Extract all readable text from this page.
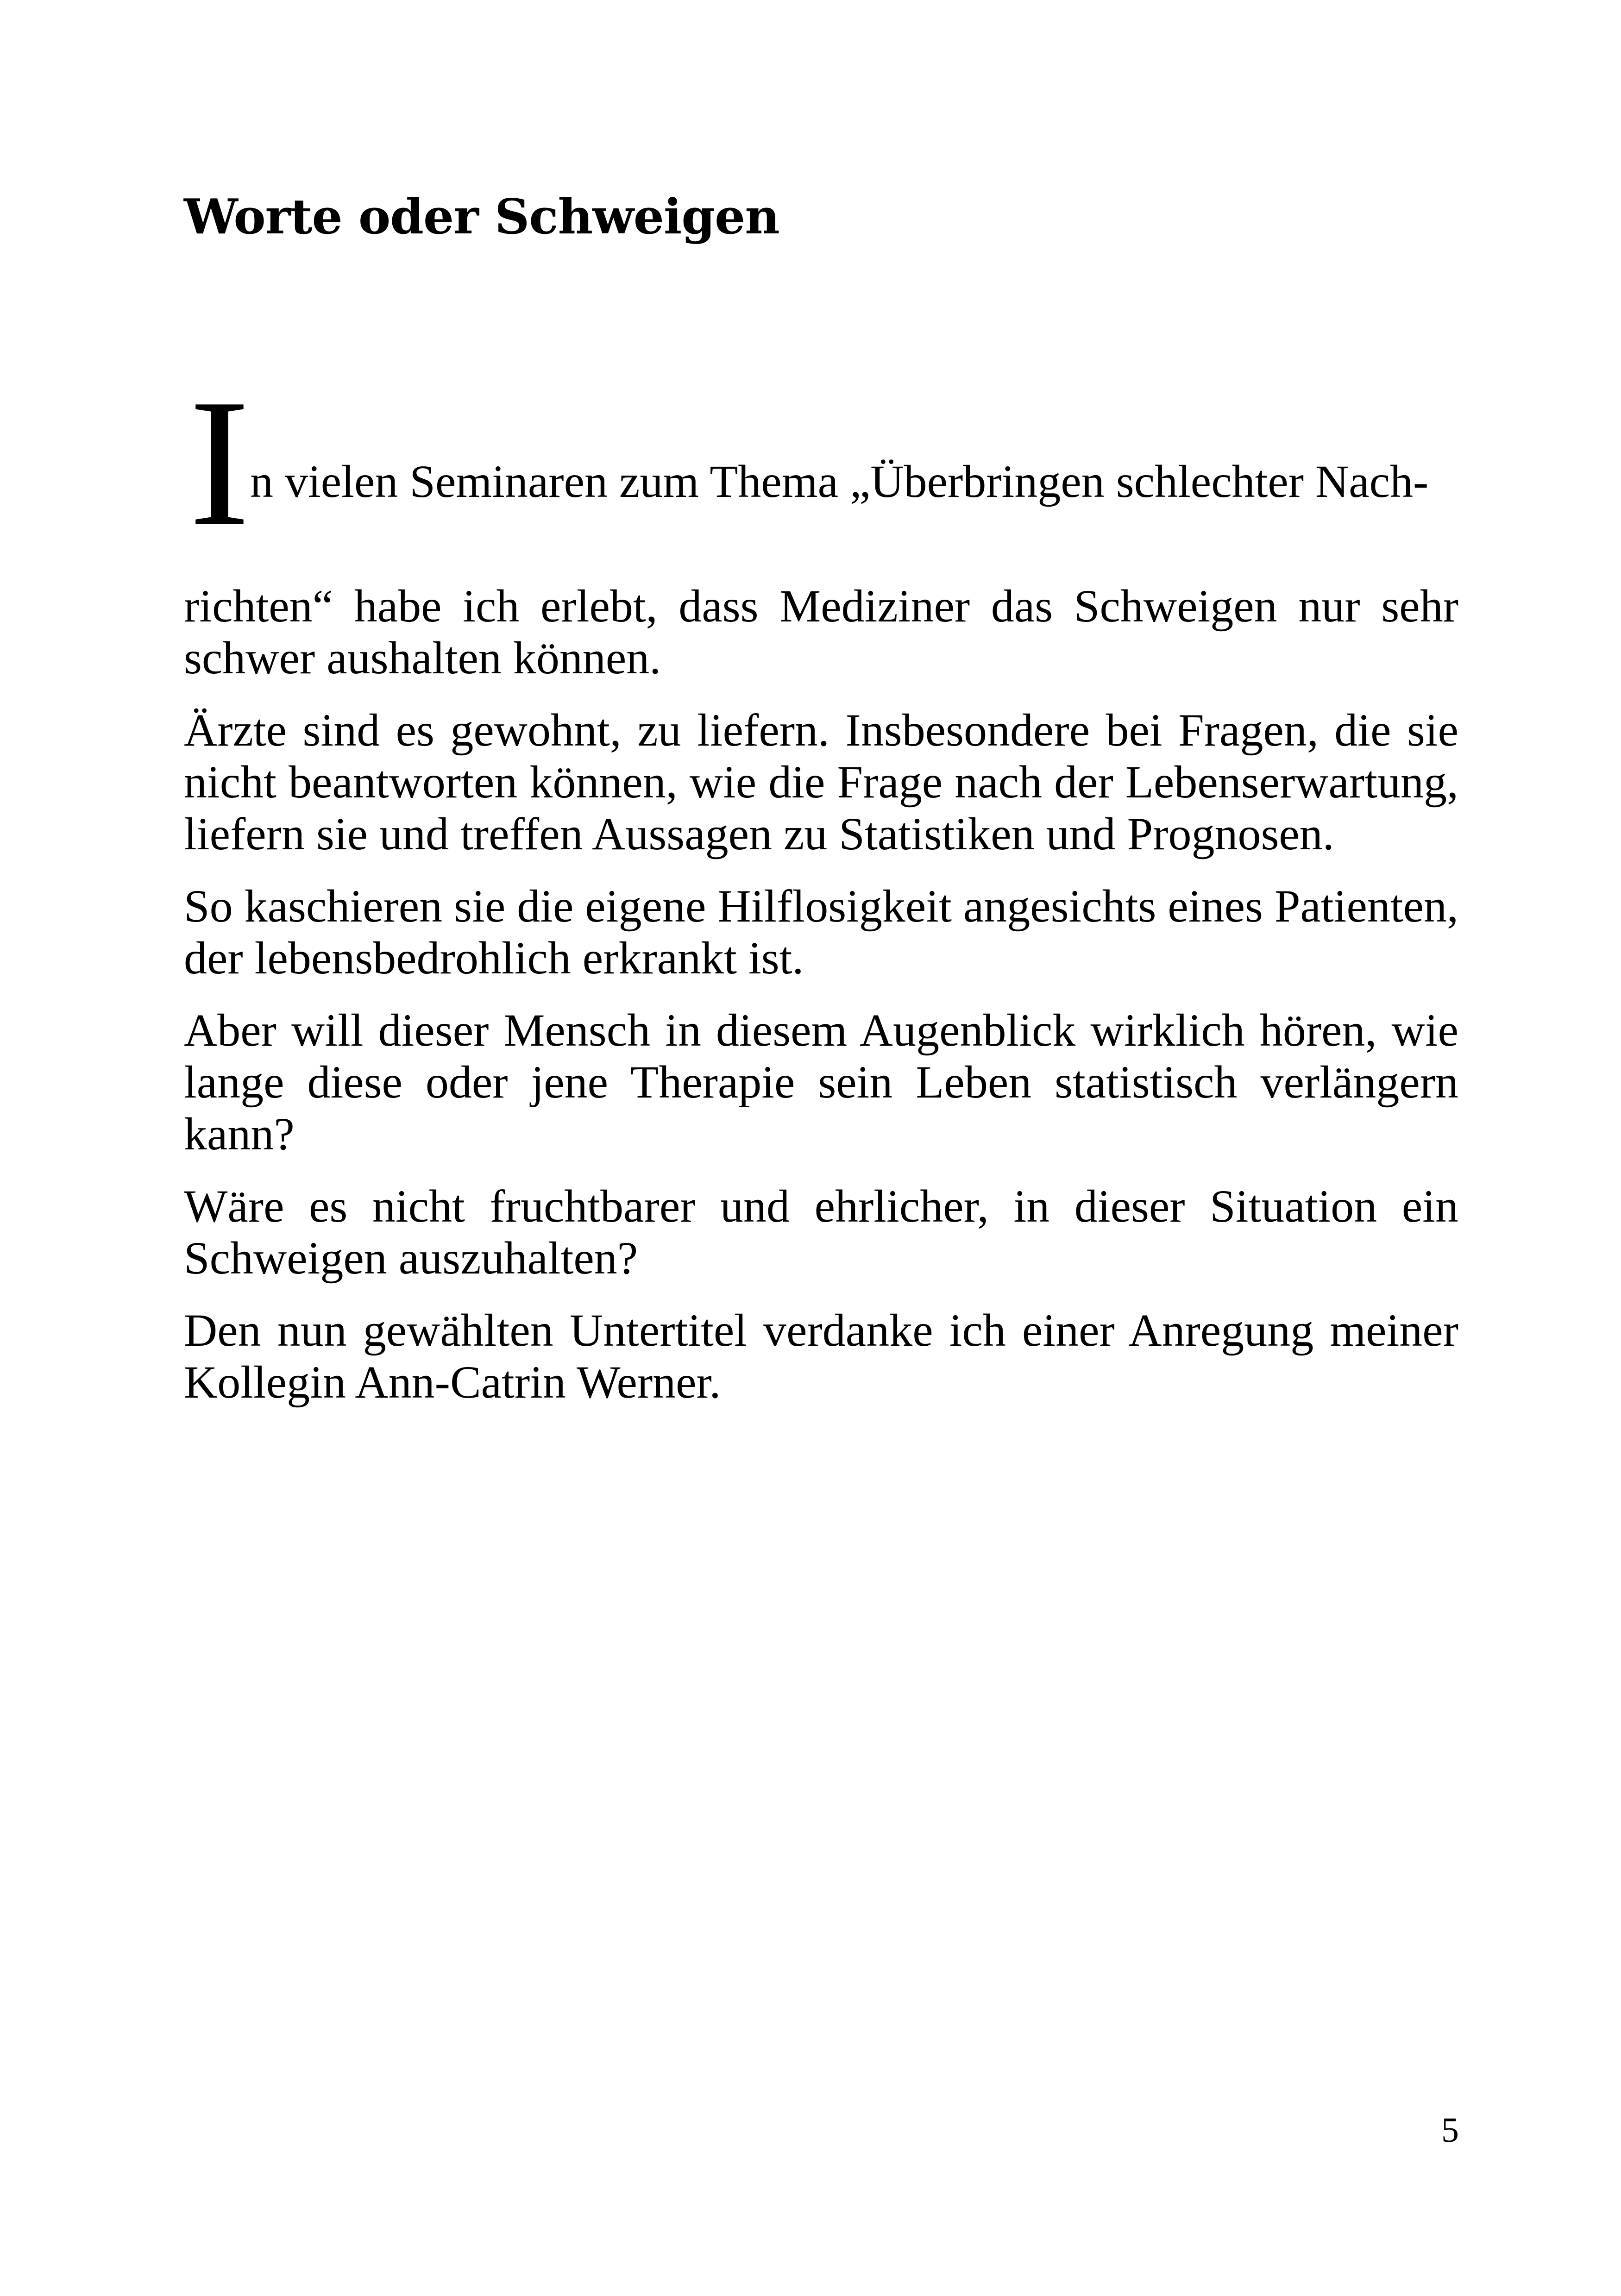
Worte oder Schweigen
I n vielen Seminaren zum Thema „Überbringen schlechter Nach-

richten“ habe ich erlebt, dass Mediziner das Schweigen nur sehr schwer aushalten können.

Ärzte sind es gewohnt, zu liefern. Insbesondere bei Fragen, die sie nicht beantworten können, wie die Frage nach der Lebenserwartung, liefern sie und treffen Aussagen zu Statistiken und Prognosen.

So kaschieren sie die eigene Hilflosigkeit angesichts eines Patienten, der lebensbedrohlich erkrankt ist.

Aber will dieser Mensch in diesem Augenblick wirklich hören, wie lange diese oder jene Therapie sein Leben statistisch verlängern kann?

Wäre es nicht fruchtbarer und ehrlicher, in dieser Situation ein Schweigen auszuhalten?

Den nun gewählten Untertitel verdanke ich einer Anregung meiner Kollegin Ann-Catrin Werner.

5
